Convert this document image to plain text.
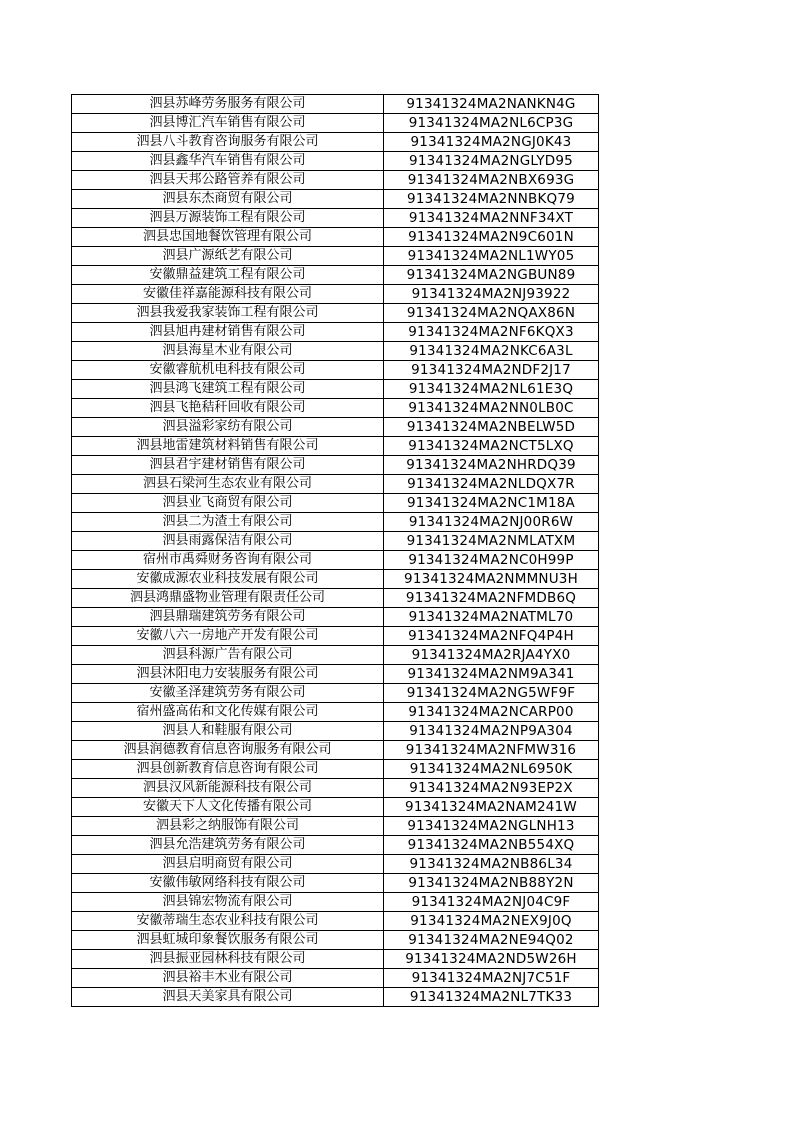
泗县苏峰劳务服务有限公司	91341324MA2NANKN4G
泗县博汇汽车销售有限公司	91341324MA2NL6CP3G
泗县八斗教育咨询服务有限公司	91341324MA2NGJ0K43
泗县鑫华汽车销售有限公司	91341324MA2NGLYD95
泗县天邦公路管养有限公司	91341324MA2NBX693G
泗县东杰商贸有限公司	91341324MA2NNBKQ79
泗县万源装饰工程有限公司	91341324MA2NNF34XT
泗县忠国地餐饮管理有限公司	91341324MA2N9C601N
泗县广源纸艺有限公司	91341324MA2NL1WY05
安徽鼎益建筑工程有限公司	91341324MA2NGBUN89
安徽佳祥嘉能源科技有限公司	91341324MA2NJ93922
泗县我爱我家装饰工程有限公司	91341324MA2NQAX86N
泗县旭冉建材销售有限公司	91341324MA2NF6KQX3
泗县海星木业有限公司	91341324MA2NKC6A3L
安徽睿航机电科技有限公司	91341324MA2NDF2J17
泗县鸿飞建筑工程有限公司	91341324MA2NL61E3Q
泗县飞艳秸秆回收有限公司	91341324MA2NN0LB0C
泗县溢彩家纺有限公司	91341324MA2NBELW5D
泗县地雷建筑材料销售有限公司	91341324MA2NCT5LXQ
泗县君宇建材销售有限公司	91341324MA2NHRDQ39
泗县石梁河生态农业有限公司	91341324MA2NLDQX7R
泗县业飞商贸有限公司	91341324MA2NC1M18A
泗县二为渣土有限公司	91341324MA2NJ00R6W
泗县雨露保洁有限公司	91341324MA2NMLATXM
宿州市禹舜财务咨询有限公司	91341324MA2NC0H99P
安徽成源农业科技发展有限公司	91341324MA2NMMNU3H
泗县鸿鼎盛物业管理有限责任公司	91341324MA2NFMDB6Q
泗县鼎瑞建筑劳务有限公司	91341324MA2NATML70
安徽八六一房地产开发有限公司	91341324MA2NFQ4P4H
泗县科源广告有限公司	91341324MA2RJA4YX0
泗县沐阳电力安装服务有限公司	91341324MA2NM9A341
安徽圣泽建筑劳务有限公司	91341324MA2NG5WF9F
宿州盛高佑和文化传媒有限公司	91341324MA2NCARP00
泗县人和鞋服有限公司	91341324MA2NP9A304
泗县润德教育信息咨询服务有限公司	91341324MA2NFMW316
泗县创新教育信息咨询有限公司	91341324MA2NL6950K
泗县汉风新能源科技有限公司	91341324MA2N93EP2X
安徽天下人文化传播有限公司	91341324MA2NAM241W
泗县彩之纳服饰有限公司	91341324MA2NGLNH13
泗县允浩建筑劳务有限公司	91341324MA2NB554XQ
泗县启明商贸有限公司	91341324MA2NB86L34
安徽伟敏网络科技有限公司	91341324MA2NB88Y2N
泗县锦宏物流有限公司	91341324MA2NJ04C9F
安徽蒂瑞生态农业科技有限公司	91341324MA2NEX9J0Q
泗县虹城印象餐饮服务有限公司	91341324MA2NE94Q02
泗县振亚园林科技有限公司	91341324MA2ND5W26H
泗县裕丰木业有限公司	91341324MA2NJ7C51F
泗县天美家具有限公司	91341324MA2NL7TK33
